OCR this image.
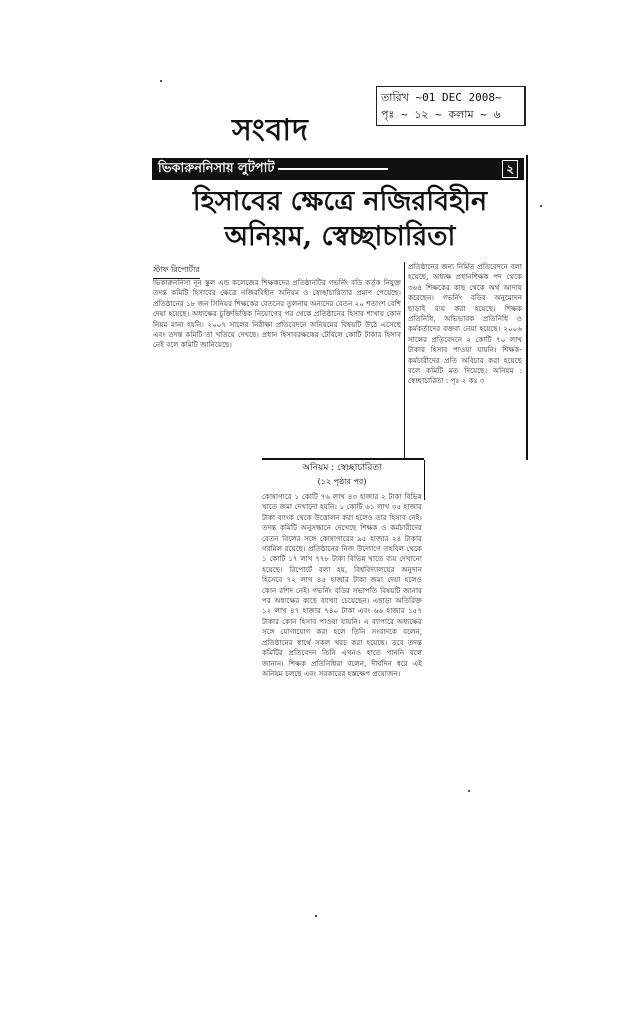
সংবাদ
তারিখ ~01 DEC 2008~
পৃঃ ~ ১২ ~ কলাম ~ ৬
ভিকারুননিসায় লুটপাট	২
হিসাবের ক্ষেত্রে নজিরবিহীন
অনিয়ম, স্বেচ্ছাচারিতা
স্টাফ রিপোর্টার
ভিকারুননিসা নূন স্কুল এন্ড কলেজের শিক্ষকদের প্রতিষ্ঠানটির গভর্নিং বডি কর্তৃক নিযুক্ত তদন্ত কমিটি হিসাবের ক্ষেত্রে নজিরবিহীন অনিয়ম ও স্বেচ্ছাচারিতার প্রমাণ পেয়েছে। প্রতিষ্ঠানের ১৮ জন সিনিয়র শিক্ষকের বেতনের তুলনায় অন্যদের বেতন ২০ শতাংশ বেশি দেয়া হয়েছে। অধ্যক্ষের চুক্তিভিত্তিক নিয়োগের পর থেকে প্রতিষ্ঠানের হিসাব শাখায় কোন নিয়ম মানা হয়নি। ২০০৭ সালের নিরীক্ষা প্রতিবেদনে অনিয়মের বিষয়টি উঠে এসেছে এবং তদন্ত কমিটি তা খতিয়ে দেখছে। প্রধান হিসাবরক্ষকের টেবিলে কোটি টাকার হিসাব নেই বলে কমিটি জানিয়েছে।
প্রতিষ্ঠানের জন্য নির্মিত প্রতিবেদনে বলা হয়েছে, অধ্যক্ষ প্রধানশিক্ষক পদ থেকে ৩৬৪ শিক্ষকের কাছ থেকে অর্থ আদায় করেছেন। গভর্নিং বডির অনুমোদন ছাড়াই ব্যয় করা হয়েছে। শিক্ষক প্রতিনিধি, অভিভাবক প্রতিনিধি ও কর্মকর্তাদের বক্তব্য নেয়া হয়েছে। ২০০৬ সালের প্রতিবেদনে ২ কোটি ৭০ লাখ টাকার হিসাব পাওয়া যায়নি। শিক্ষক-কর্মচারীদের প্রতি অবিচার করা হয়েছে বলে কমিটি মত দিয়েছে। অনিয়ম : স্বেচ্ছাচারিতা : পৃঃ ২ কঃ ৩
অনিয়ম : স্বেচ্ছাচারিতা
(১২ পৃষ্ঠার পর)
কোষাগারে ১ কোটি ৭৬ লাখ ৪৩ হাজার ২ টাকা বিভিন্ন খাতে জমা দেখানো হয়নি। ১ কোটি ৬১ লাখ ৩৫ হাজার টাকা ব্যাংক থেকে উত্তোলন করা হলেও তার হিসাব নেই। তদন্ত কমিটি অনুসন্ধানে দেখেছে শিক্ষক ও কর্মচারীদের বেতন বিলের সঙ্গে কোষাগারের ৯৫ হাজার ২৪ টাকার গরমিল রয়েছে। প্রতিষ্ঠানের নিজ উদ্যোগে তহবিল থেকে ১ কোটি ১৭ লাখ ৭৭৮ টাকা বিভিন্ন খাতে ব্যয় দেখানো হয়েছে। রিপোর্টে বলা হয়, বিশ্ববিদ্যালয়ের অনুদান হিসেবে ৭২ লাখ ৪৫ হাজার টাকা জমা দেয়া হলেও কোন রশিদ নেই। গভর্নিং বডির সভাপতি বিষয়টি জানার পর অধ্যক্ষের কাছে ব্যাখ্যা চেয়েছেন। এছাড়া অতিরিক্ত ১২ লাখ ৪৭ হাজার ৭৪০ টাকা এবং ৬৬ হাজার ১৫৭ টাকার কোন হিসাব পাওয়া যায়নি। এ ব্যাপারে অধ্যক্ষের সঙ্গে যোগাযোগ করা হলে তিনি সংবাদকে বলেন, প্রতিষ্ঠানের স্বার্থে সকল খরচ করা হয়েছে। তবে তদন্ত কমিটির প্রতিবেদন তিনি এখনও হাতে পাননি বলে জানান। শিক্ষক প্রতিনিধিরা বলেন, দীর্ঘদিন ধরে এই অনিয়ম চলছে এবং সরকারের হস্তক্ষেপ প্রয়োজন।
